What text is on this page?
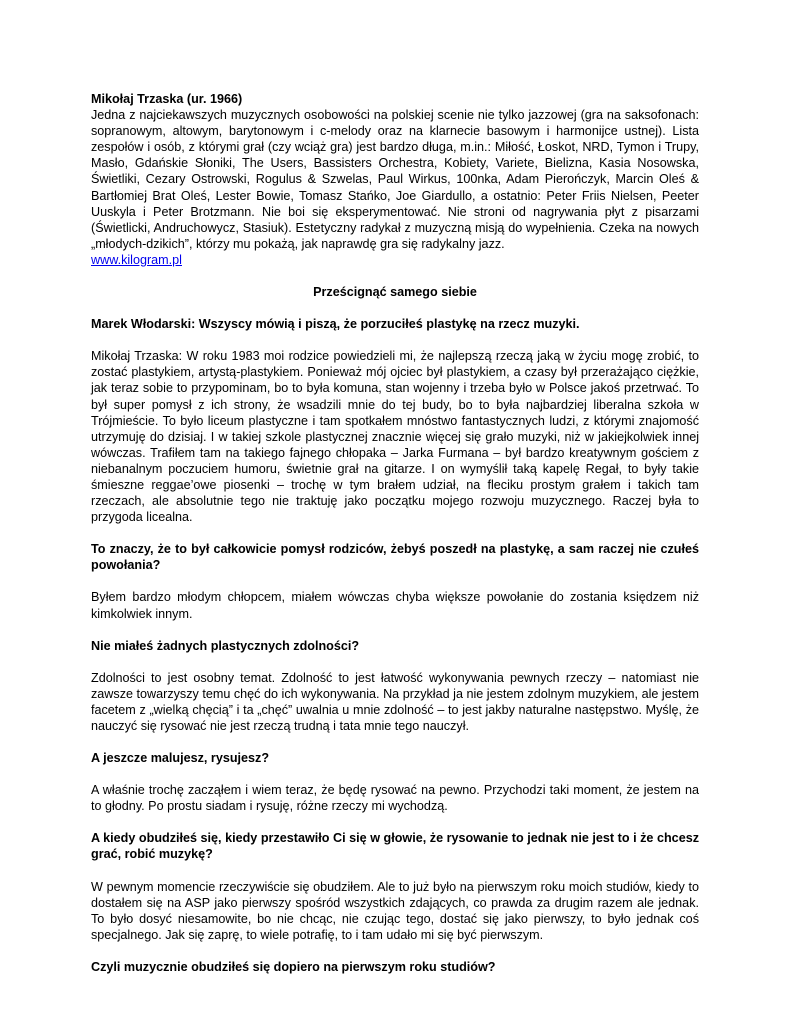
Mikołaj Trzaska (ur. 1966)

Jedna z najciekawszych muzycznych osobowości na polskiej scenie nie tylko jazzowej (gra na saksofonach: sopranowym, altowym, barytonowym i c-melody oraz na klarnecie basowym i harmonijce ustnej). Lista zespołów i osób, z którymi grał (czy wciąż gra) jest bardzo długa, m.in.: Miłość, Łoskot, NRD, Tymon i Trupy, Masło, Gdańskie Słoniki, The Users, Bassisters Orchestra, Kobiety, Variete, Bielizna, Kasia Nosowska, Świetliki, Cezary Ostrowski, Rogulus & Szwelas, Paul Wirkus, 100nka, Adam Pierończyk, Marcin Oleś & Bartłomiej Brat Oleś, Lester Bowie, Tomasz Stańko, Joe Giardullo, a ostatnio: Peter Friis Nielsen, Peeter Uuskyla i Peter Brotzmann. Nie boi się eksperymentować. Nie stroni od nagrywania płyt z pisarzami (Świetlicki, Andruchowycz, Stasiuk). Estetyczny radykał z muzyczną misją do wypełnienia. Czeka na nowych „młodych-dzikich”, którzy mu pokażą, jak naprawdę gra się radykalny jazz.

www.kilogram.pl

Prześcignąć samego siebie

Marek Włodarski: Wszyscy mówią i piszą, że porzuciłeś plastykę na rzecz muzyki.

Mikołaj Trzaska: W roku 1983 moi rodzice powiedzieli mi, że najlepszą rzeczą jaką w życiu mogę zrobić, to zostać plastykiem, artystą-plastykiem. Ponieważ mój ojciec był plastykiem, a czasy był przerażająco ciężkie, jak teraz sobie to przypominam, bo to była komuna, stan wojenny i trzeba było w Polsce jakoś przetrwać. To był super pomysł z ich strony, że wsadzili mnie do tej budy, bo to była najbardziej liberalna szkoła w Trójmieście. To było liceum plastyczne i tam spotkałem mnóstwo fantastycznych ludzi, z którymi znajomość utrzymuję do dzisiaj. I w takiej szkole plastycznej znacznie więcej się grało muzyki, niż w jakiejkolwiek innej wówczas. Trafiłem tam na takiego fajnego chłopaka – Jarka Furmana – był bardzo kreatywnym gościem z niebanalnym poczuciem humoru, świetnie grał na gitarze. I on wymyślił taką kapelę Regał, to były takie śmieszne reggae’owe piosenki – trochę w tym brałem udział, na fleciku prostym grałem i takich tam rzeczach, ale absolutnie tego nie traktuję jako początku mojego rozwoju muzycznego. Raczej była to przygoda licealna.

To znaczy, że to był całkowicie pomysł rodziców, żebyś poszedł na plastykę, a sam raczej nie czułeś powołania?

Byłem bardzo młodym chłopcem, miałem wówczas chyba większe powołanie do zostania księdzem niż kimkolwiek innym.

Nie miałeś żadnych plastycznych zdolności?

Zdolności to jest osobny temat. Zdolność to jest łatwość wykonywania pewnych rzeczy – natomiast nie zawsze towarzyszy temu chęć do ich wykonywania. Na przykład ja nie jestem zdolnym muzykiem, ale jestem facetem z „wielką chęcią” i ta „chęć” uwalnia u mnie zdolność – to jest jakby naturalne następstwo. Myślę, że nauczyć się rysować nie jest rzeczą trudną i tata mnie tego nauczył.

A jeszcze malujesz, rysujesz?

A właśnie trochę zacząłem i wiem teraz, że będę rysować na pewno. Przychodzi taki moment, że jestem na to głodny. Po prostu siadam i rysuję, różne rzeczy mi wychodzą.

A kiedy obudziłeś się, kiedy przestawiło Ci się w głowie, że rysowanie to jednak nie jest to i że chcesz grać, robić muzykę?

W pewnym momencie rzeczywiście się obudziłem. Ale to już było na pierwszym roku moich studiów, kiedy to dostałem się na ASP jako pierwszy spośród wszystkich zdających, co prawda za drugim razem ale jednak. To było dosyć niesamowite, bo nie chcąc, nie czując tego, dostać się jako pierwszy, to było jednak coś specjalnego. Jak się zaprę, to wiele potrafię, to i tam udało mi się być pierwszym.

Czyli muzycznie obudziłeś się dopiero na pierwszym roku studiów?
